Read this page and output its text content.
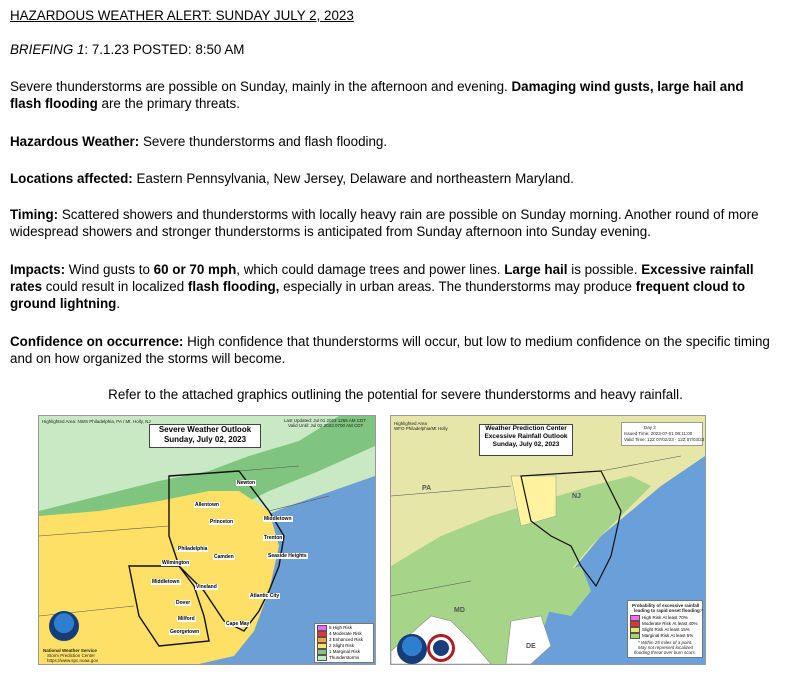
HAZARDOUS WEATHER ALERT: SUNDAY JULY 2, 2023
BRIEFING 1: 7.1.23 POSTED: 8:50 AM

Severe thunderstorms are possible on Sunday, mainly in the afternoon and evening. Damaging wind gusts, large hail and flash flooding are the primary threats.

Hazardous Weather: Severe thunderstorms and flash flooding.

Locations affected: Eastern Pennsylvania, New Jersey, Delaware and northeastern Maryland.

Timing: Scattered showers and thunderstorms with locally heavy rain are possible on Sunday morning. Another round of more widespread showers and stronger thunderstorms is anticipated from Sunday afternoon into Sunday evening.

Impacts: Wind gusts to 60 or 70 mph, which could damage trees and power lines. Large hail is possible. Excessive rainfall rates could result in localized flash flooding, especially in urban areas. The thunderstorms may produce frequent cloud to ground lightning.

Confidence on occurrence: High confidence that thunderstorms will occur, but low to medium confidence on the specific timing and on how organized the storms will become.

Refer to the attached graphics outlining the potential for severe thunderstorms and heavy rainfall.
Highlighted Area: NWS Philadelphia, PA / Mt. Holly, NJ	Last Updated: Jul 01 2023 1255 AM CDT
Valid Until: Jul 02 2023 0700 AM CDT
Severe Weather Outlook
Sunday, July 02, 2023
Newton
Allentown
Princeton	Middletown
Trenton
Philadelphia
Camden	Seaside Heights
Wilmington
Vineland
Middletown
Atlantic City
Dover
Milford
Cape May
Georgetown
National Weather Service
Storm Prediction Center
https://www.spc.noaa.gov
5
High Risk
4
Moderate Risk
3
Enhanced Risk
2
Slight Risk
1
Marginal Risk
Thunderstorms
Highlighted Area
WFO Philadelphia/Mt Holly	Weather Prediction Center
Excessive Rainfall Outlook
Sunday, July 02, 2023
Day 2
Issued Time: 2023-07-01 08:11:00
Valid Time: 12Z 07/02/23 - 12Z 07/03/23
PA
NJ
MD
DE
Probability of excessive rainfall
leading to rapid onset flooding:*
High Risk
At least 70%
Moderate Risk
At least 40%
Slight Risk
At least 15%
Marginal Risk
At least 5%
* Within 25 miles of a point.
May not represent localized
flooding threat over burn scars.
